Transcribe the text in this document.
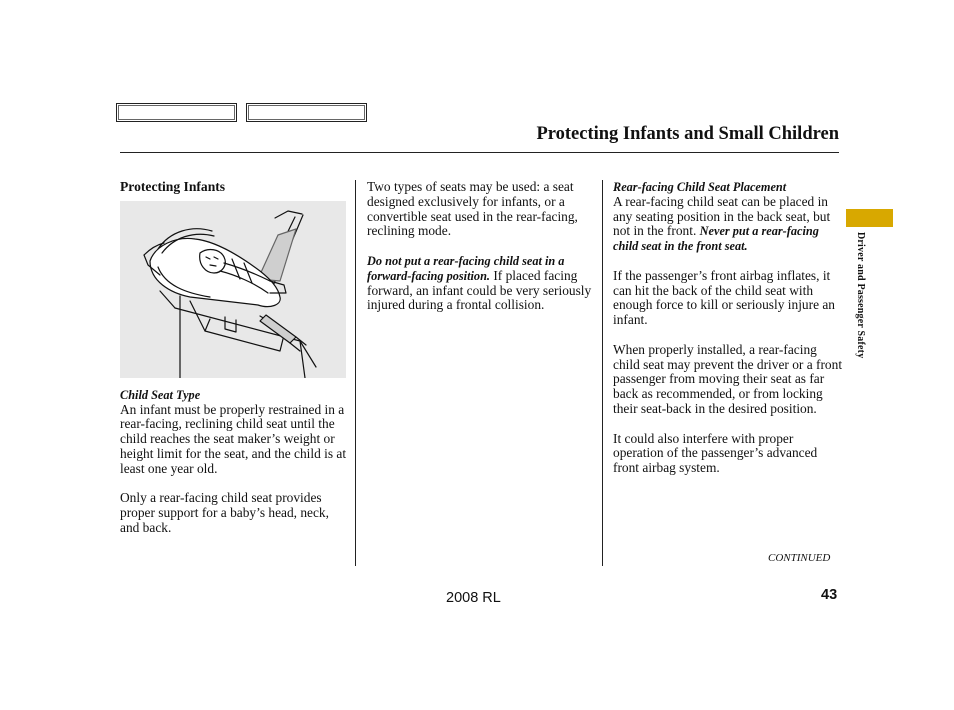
Protecting Infants and Small Children

Protecting Infants

Child Seat Type

An infant must be properly restrained in a rear-facing, reclining child seat until the child reaches the seat maker’s weight or height limit for the seat, and the child is at least one year old.

Only a rear-facing child seat provides proper support for a baby’s head, neck, and back.

Two types of seats may be used: a seat designed exclusively for infants, or a convertible seat used in the rear-facing, reclining mode.

Do not put a rear-facing child seat in a forward-facing position. If placed facing forward, an infant could be very seriously injured during a frontal collision.

Rear-facing Child Seat Placement

A rear-facing child seat can be placed in any seating position in the back seat, but not in the front. Never put a rear-facing child seat in the front seat.

If the passenger’s front airbag inflates, it can hit the back of the child seat with enough force to kill or seriously injure an infant.

When properly installed, a rear-facing child seat may prevent the driver or a front passenger from moving their seat as far back as recommended, or from locking their seat-back in the desired position.

It could also interfere with proper operation of the passenger’s advanced front airbag system.

Driver and Passenger Safety
CONTINUED
2008 RL	43
